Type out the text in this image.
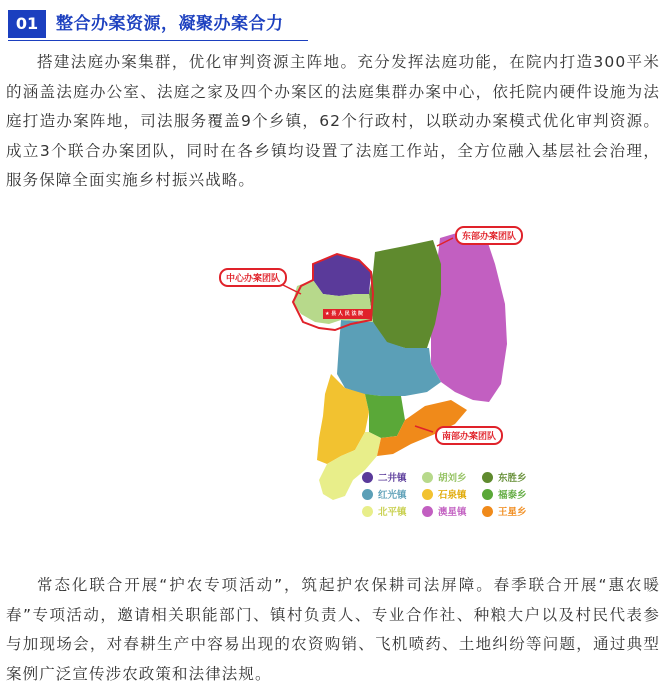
01	整合办案资源，凝聚办案合力

搭建法庭办案集群，优化审判资源主阵地。充分发挥法庭功能，在院内打造300平米的涵盖法庭办公室、法庭之家及四个办案区的法庭集群办案中心，依托院内硬件设施为法庭打造办案阵地，司法服务覆盖9个乡镇，62个行政村，以联动办案模式优化审判资源。成立3个联合办案团队，同时在各乡镇均设置了法庭工作站，全方位融入基层社会治理，服务保障全面实施乡村振兴战略。

★ 县 人 民 法 院
中心办案团队
东部办案团队
南部办案团队
二井镇	胡刘乡	东胜乡
红光镇	石泉镇	福泰乡
北平镇	澳星镇	王星乡

常态化联合开展“护农专项活动”，筑起护农保耕司法屏障。春季联合开展“惠农暖春”专项活动，邀请相关职能部门、镇村负责人、专业合作社、种粮大户以及村民代表参与加现场会，对春耕生产中容易出现的农资购销、飞机喷药、土地纠纷等问题，通过典型案例广泛宣传涉农政策和法律法规。
